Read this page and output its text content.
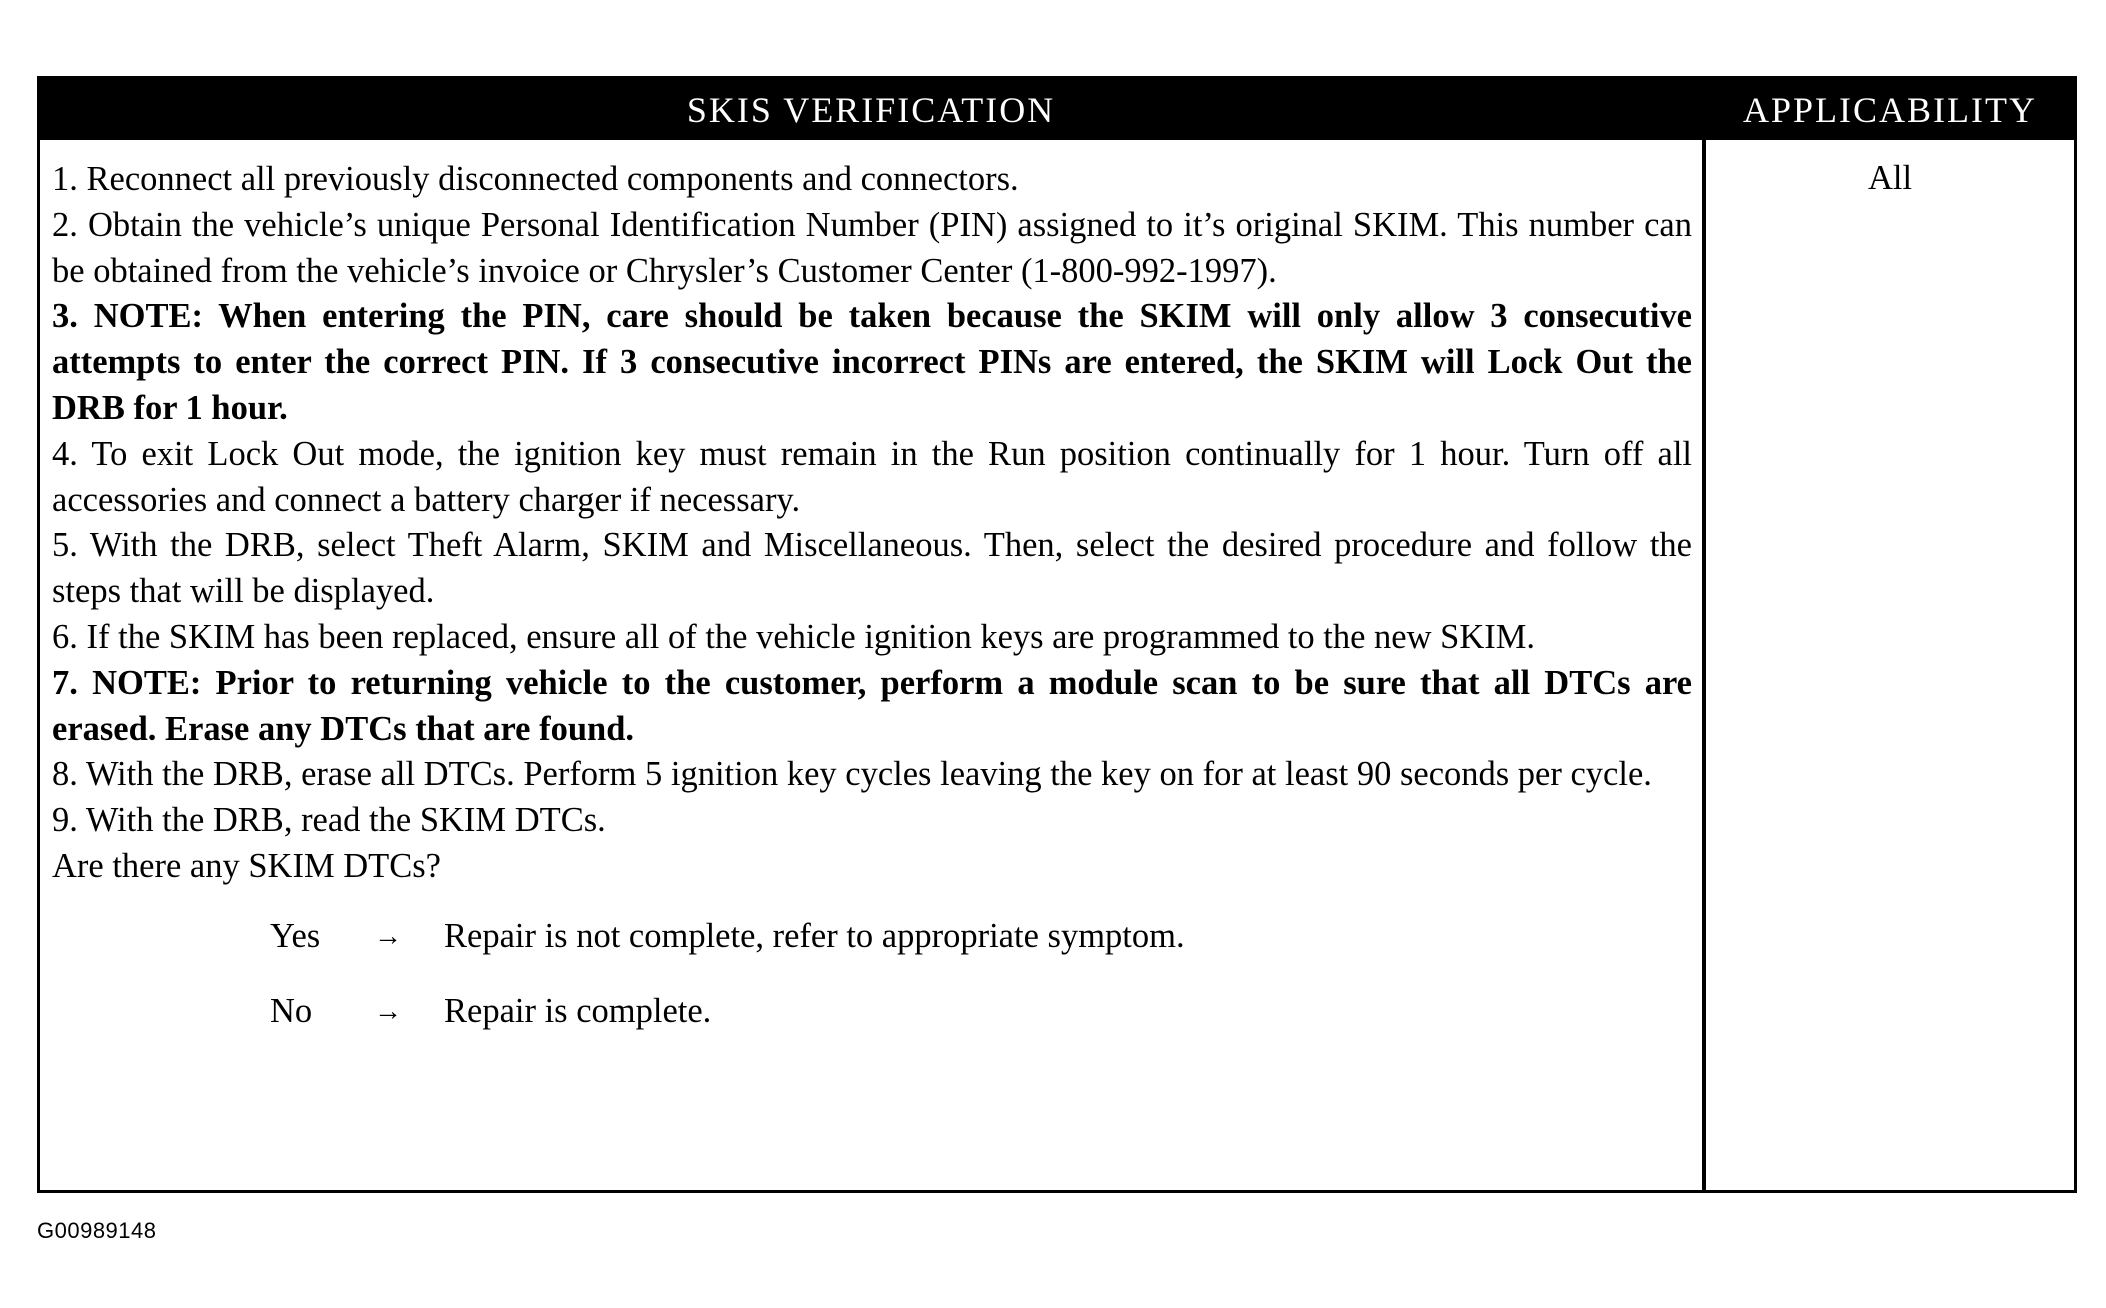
SKIS VERIFICATION	APPLICABILITY

1. Reconnect all previously disconnected components and connectors.

2. Obtain the vehicle’s unique Personal Identification Number (PIN) assigned to it’s original SKIM. This number can be obtained from the vehicle’s invoice or Chrysler’s Customer Center (1-800-992-1997).

3. NOTE: When entering the PIN, care should be taken because the SKIM will only allow 3 consecutive attempts to enter the correct PIN. If 3 consecutive incorrect PINs are entered, the SKIM will Lock Out the DRB for 1 hour.

4. To exit Lock Out mode, the ignition key must remain in the Run position continually for 1 hour. Turn off all accessories and connect a battery charger if necessary.

5. With the DRB, select Theft Alarm, SKIM and Miscellaneous. Then, select the desired procedure and follow the steps that will be displayed.

6. If the SKIM has been replaced, ensure all of the vehicle ignition keys are programmed to the new SKIM.

7. NOTE: Prior to returning vehicle to the customer, perform a module scan to be sure that all DTCs are erased. Erase any DTCs that are found.

8. With the DRB, erase all DTCs. Perform 5 ignition key cycles leaving the key on for at least 90 seconds per cycle.

9. With the DRB, read the SKIM DTCs.

Are there any SKIM DTCs?

Yes → Repair is not complete, refer to appropriate symptom.
No → Repair is complete.
All
G00989148
